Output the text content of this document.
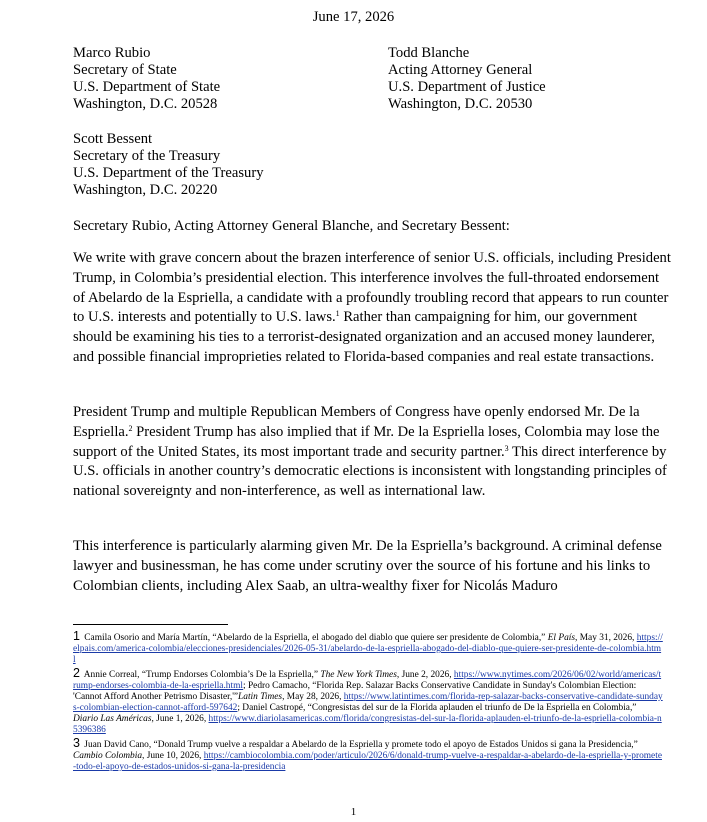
June 17, 2026
Marco Rubio
Secretary of State
U.S. Department of State
Washington, D.C. 20528
Todd Blanche
Acting Attorney General
U.S. Department of Justice
Washington, D.C. 20530
Scott Bessent
Secretary of the Treasury
U.S. Department of the Treasury
Washington, D.C. 20220
Secretary Rubio, Acting Attorney General Blanche, and Secretary Bessent:

We write with grave concern about the brazen interference of senior U.S. officials, including President Trump, in Colombia’s presidential election. This interference involves the full-throated endorsement of Abelardo de la Espriella, a candidate with a profoundly troubling record that appears to run counter to U.S. interests and potentially to U.S. laws.$^1$ Rather than campaigning for him, our government should be examining his ties to a terrorist-designated organization and an accused money launderer, and possible financial improprieties related to Florida-based companies and real estate transactions.

President Trump and multiple Republican Members of Congress have openly endorsed Mr. De la Espriella.$^2$ President Trump has also implied that if Mr. De la Espriella loses, Colombia may lose the support of the United States, its most important trade and security partner.$^3$ This direct interference by U.S. officials in another country’s democratic elections is inconsistent with longstanding principles of national sovereignty and non-interference, as well as international law.

This interference is particularly alarming given Mr. De la Espriella’s background. A criminal defense lawyer and businessman, he has come under scrutiny over the source of his fortune and his links to Colombian clients, including Alex Saab, an ultra-wealthy fixer for Nicolás Maduro

1 Camila Osorio and María Martín, “Abelardo de la Espriella, el abogado del diablo que quiere ser presidente de Colombia,” El País, May 31, 2026, https://elpais.com/america-colombia/elecciones-presidenciales/2026-05-31/abelardo-de-la-espriella-abogado-del-diablo-que-quiere-ser-presidente-de-colombia.html

2 Annie Correal, “Trump Endorses Colombia’s De la Espriella,” The New York Times, June 2, 2026, https://www.nytimes.com/2026/06/02/world/americas/trump-endorses-colombia-de-la-espriella.html; Pedro Camacho, “Florida Rep. Salazar Backs Conservative Candidate in Sunday's Colombian Election: 'Cannot Afford Another Petrismo Disaster,'”Latin Times, May 28, 2026, https://www.latintimes.com/florida-rep-salazar-backs-conservative-candidate-sundays-colombian-election-cannot-afford-597642; Daniel Castropé, “Congresistas del sur de la Florida aplauden el triunfo de De la Espriella en Colombia,” Diario Las Américas, June 1, 2026, https://www.diariolasamericas.com/florida/congresistas-del-sur-la-florida-aplauden-el-triunfo-de-la-espriella-colombia-n5396386

3 Juan David Cano, “Donald Trump vuelve a respaldar a Abelardo de la Espriella y promete todo el apoyo de Estados Unidos si gana la Presidencia,” Cambio Colombia, June 10, 2026, https://cambiocolombia.com/poder/articulo/2026/6/donald-trump-vuelve-a-respaldar-a-abelardo-de-la-espriella-y-promete-todo-el-apoyo-de-estados-unidos-si-gana-la-presidencia

1
